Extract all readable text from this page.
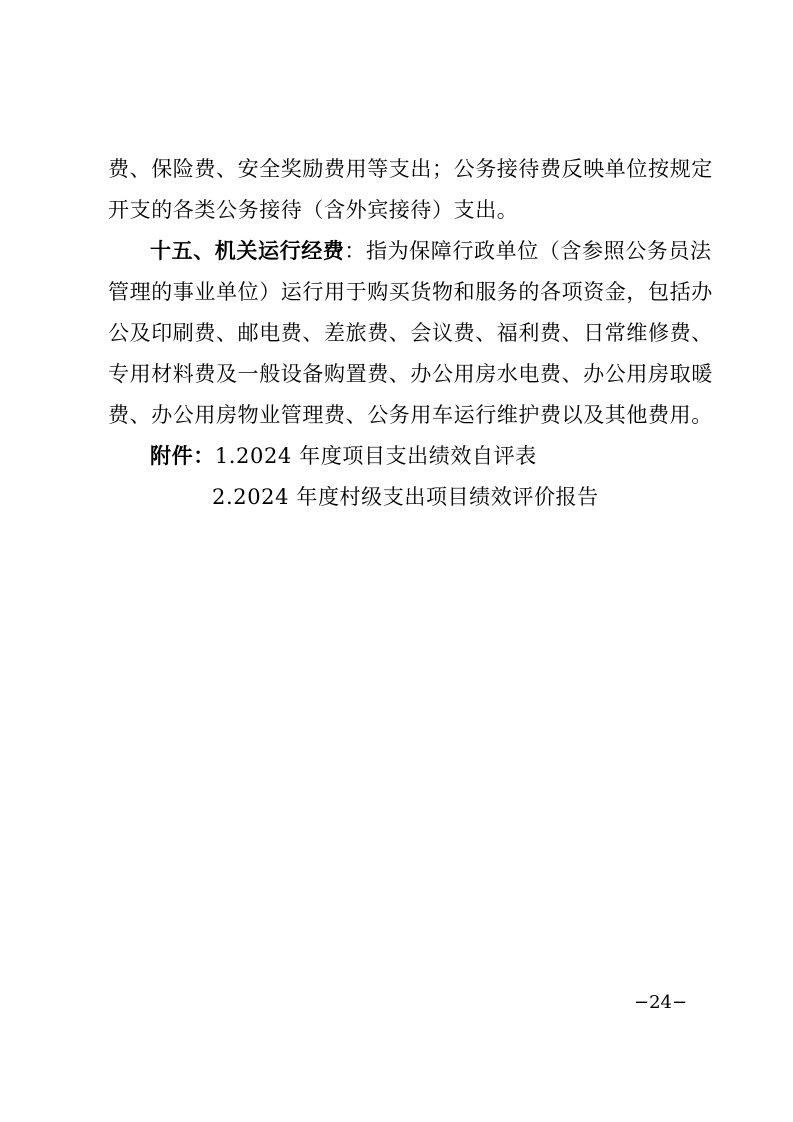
费、保险费、安全奖励费用等支出；公务接待费反映单位按规定
开支的各类公务接待（含外宾接待）支出。
十五、机关运行经费：指为保障行政单位（含参照公务员法
管理的事业单位）运行用于购买货物和服务的各项资金，包括办
公及印刷费、邮电费、差旅费、会议费、福利费、日常维修费、
专用材料费及一般设备购置费、办公用房水电费、办公用房取暖
费、办公用房物业管理费、公务用车运行维护费以及其他费用。
附件：1.2024 年度项目支出绩效自评表
2.2024 年度村级支出项目绩效评价报告
−24−
